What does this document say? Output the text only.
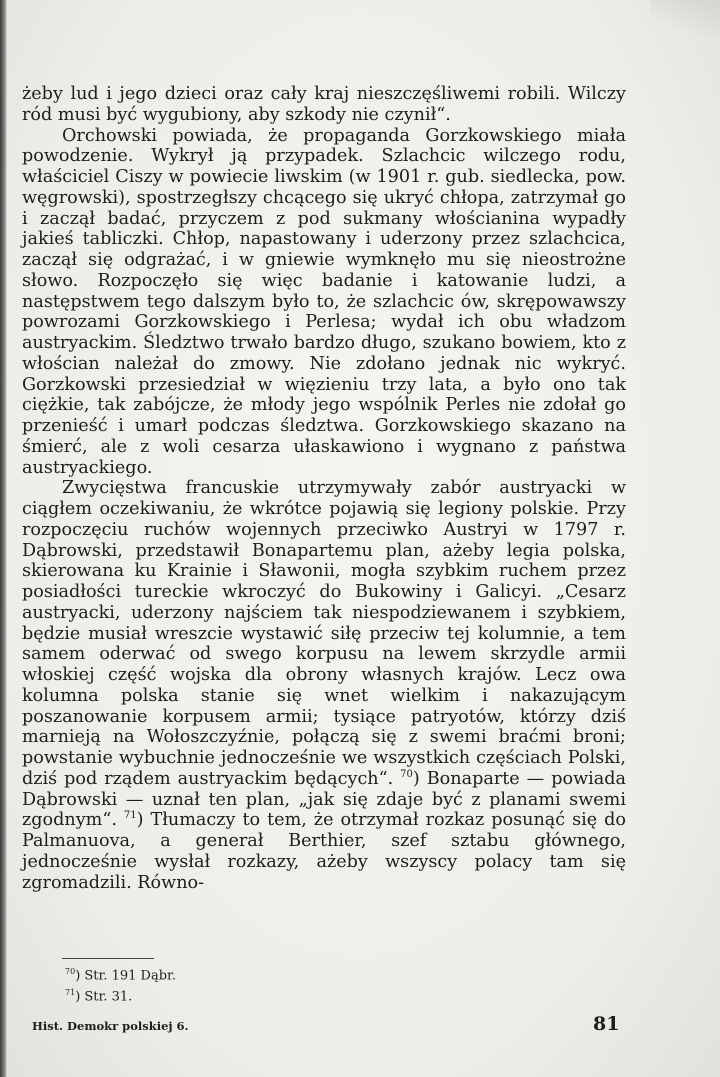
żeby lud i jego dzieci oraz cały kraj nieszczęśliwemi robili. Wilczy ród musi być wygubiony, aby szkody nie czynił“.

Orchowski powiada, że propaganda Gorzkowskiego miała powodzenie. Wykrył ją przypadek. Szlachcic wilczego rodu, właściciel Ciszy w powiecie liwskim (w 1901 r. gub. siedlecka, pow. węgrowski), spostrzegłszy chcącego się ukryć chłopa, zatrzymał go i zaczął badać, przyczem z pod sukmany włościanina wypadły jakieś tabliczki. Chłop, napastowany i uderzony przez szlachcica, zaczął się odgrażać, i w gniewie wymknęło mu się nieostrożne słowo. Rozpoczęło się więc badanie i katowanie ludzi, a następstwem tego dalszym było to, że szlachcic ów, skrępowawszy powrozami Gorzkowskiego i Perlesa; wydał ich obu władzom austryackim. Śledztwo trwało bardzo długo, szukano bowiem, kto z włościan należał do zmowy. Nie zdołano jednak nic wykryć. Gorzkowski przesiedział w więzieniu trzy lata, a było ono tak ciężkie, tak zabójcze, że młody jego wspólnik Perles nie zdołał go przenieść i umarł podczas śledztwa. Gorzkowskiego skazano na śmierć, ale z woli cesarza ułaskawiono i wygnano z państwa austryackiego.

Zwycięstwa francuskie utrzymywały zabór austryacki w ciągłem oczekiwaniu, że wkrótce pojawią się legiony polskie. Przy rozpoczęciu ruchów wojennych przeciwko Austryi w 1797 r. Dąbrowski, przedstawił Bonapartemu plan, ażeby legia polska, skierowana ku Krainie i Sławonii, mogła szybkim ruchem przez posiadłości tureckie wkroczyć do Bukowiny i Galicyi. „Cesarz austryacki, uderzony najściem tak niespodziewanem i szybkiem, będzie musiał wreszcie wystawić siłę przeciw tej kolumnie, a tem samem oderwać od swego korpusu na lewem skrzydle armii włoskiej część wojska dla obrony własnych krajów. Lecz owa kolumna polska stanie się wnet wielkim i nakazującym poszanowanie korpusem armii; tysiące patryotów, którzy dziś marnieją na Wołoszczyźnie, połączą się z swemi braćmi broni; powstanie wybuchnie jednocześnie we wszystkich częściach Polski, dziś pod rządem austryackim będących“. $^{70}$) Bonaparte — powiada Dąbrowski — uznał ten plan, „jak się zdaje być z planami swemi zgodnym“. $^{71}$) Tłumaczy to tem, że otrzymał rozkaz posunąć się do Palmanuova, a generał Berthier, szef sztabu głównego, jednocześnie wysłał rozkazy, ażeby wszyscy polacy tam się zgromadzili. Równo-

$^{70}$) Str. 191 Dąbr.
$^{71}$) Str. 31.
Hist. Demokr polskiej 6.	81
